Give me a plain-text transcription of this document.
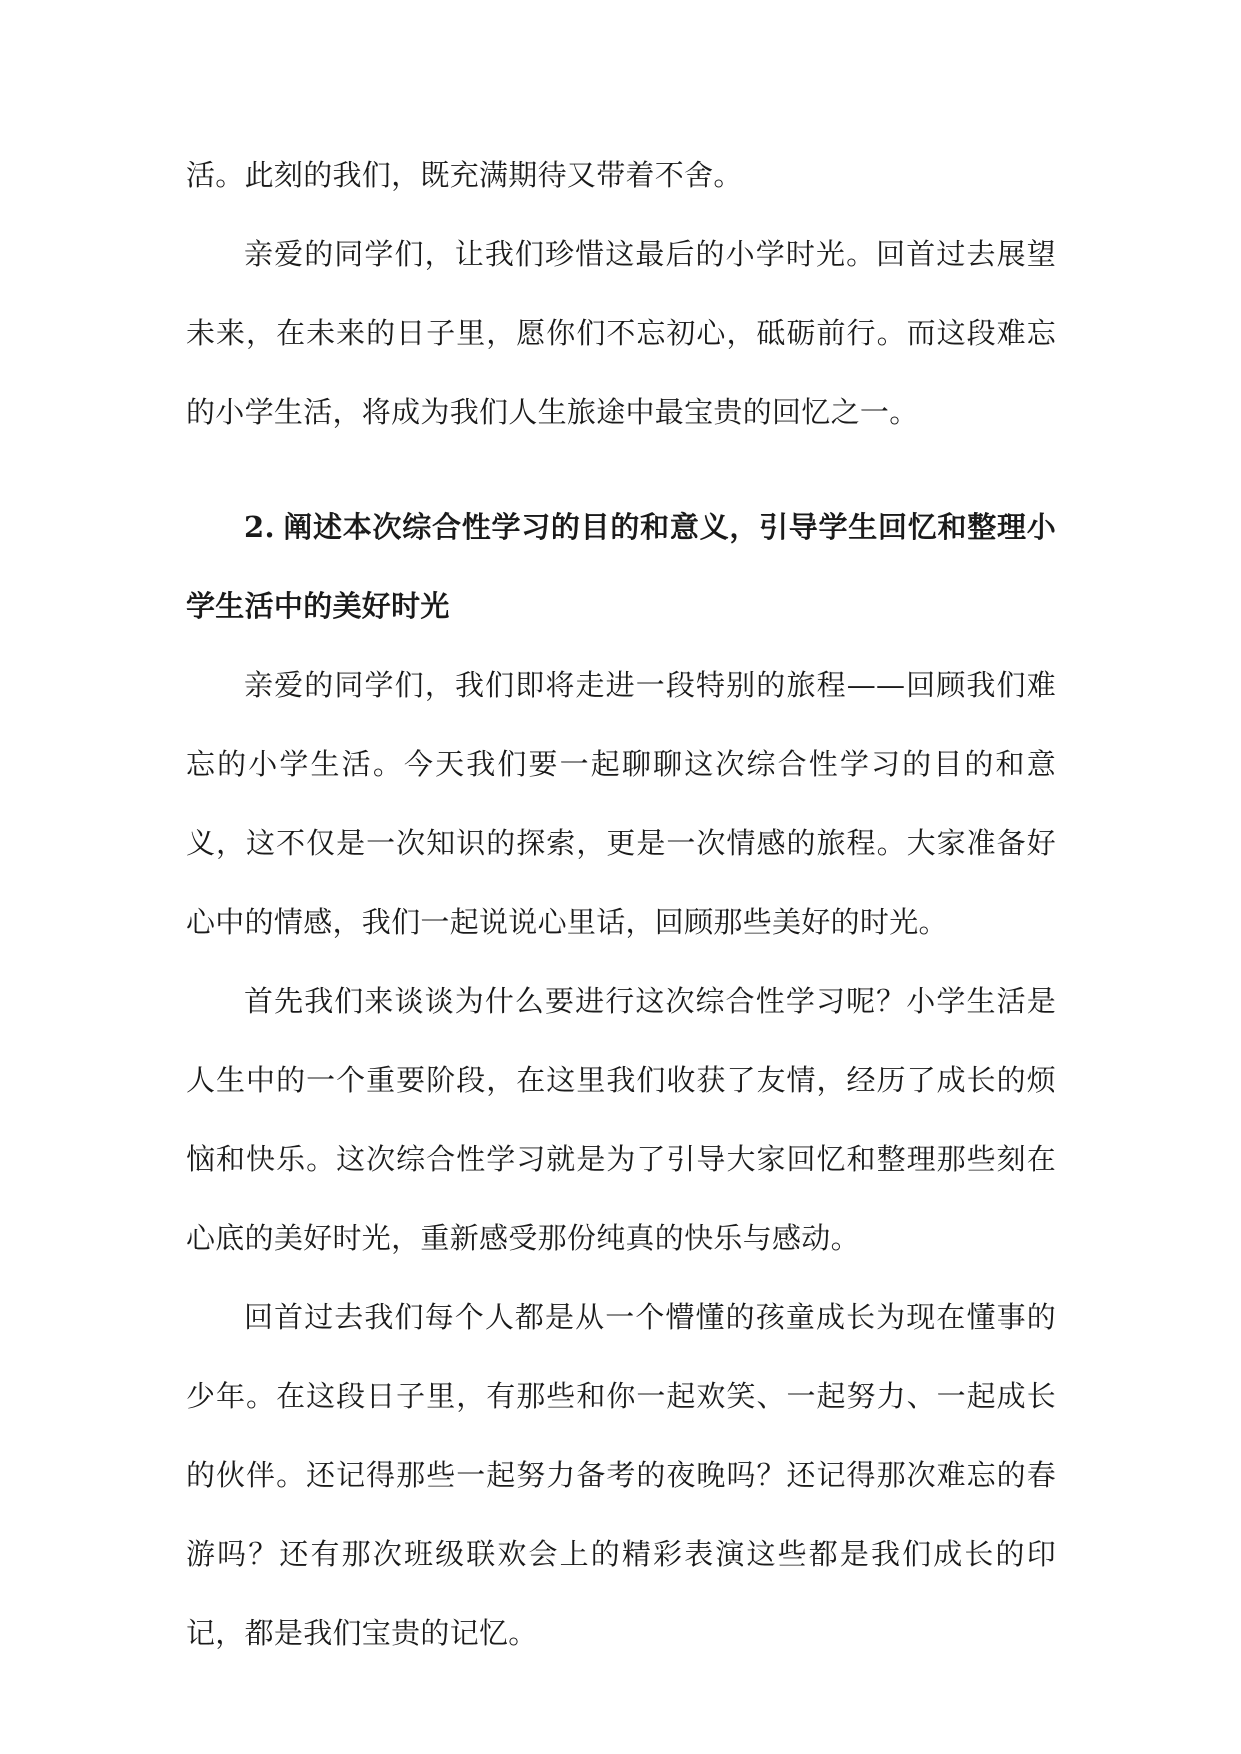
活。此刻的我们，既充满期待又带着不舍。

亲爱的同学们，让我们珍惜这最后的小学时光。回首过去展望未来，在未来的日子里，愿你们不忘初心，砥砺前行。而这段难忘的小学生活，将成为我们人生旅途中最宝贵的回忆之一。

2. 阐述本次综合性学习的目的和意义，引导学生回忆和整理小学生活中的美好时光

亲爱的同学们，我们即将走进一段特别的旅程——回顾我们难忘的小学生活。今天我们要一起聊聊这次综合性学习的目的和意义，这不仅是一次知识的探索，更是一次情感的旅程。大家准备好心中的情感，我们一起说说心里话，回顾那些美好的时光。

首先我们来谈谈为什么要进行这次综合性学习呢？小学生活是人生中的一个重要阶段，在这里我们收获了友情，经历了成长的烦恼和快乐。这次综合性学习就是为了引导大家回忆和整理那些刻在心底的美好时光，重新感受那份纯真的快乐与感动。

回首过去我们每个人都是从一个懵懂的孩童成长为现在懂事的少年。在这段日子里，有那些和你一起欢笑、一起努力、一起成长的伙伴。还记得那些一起努力备考的夜晚吗？还记得那次难忘的春游吗？还有那次班级联欢会上的精彩表演这些都是我们成长的印记，都是我们宝贵的记忆。
